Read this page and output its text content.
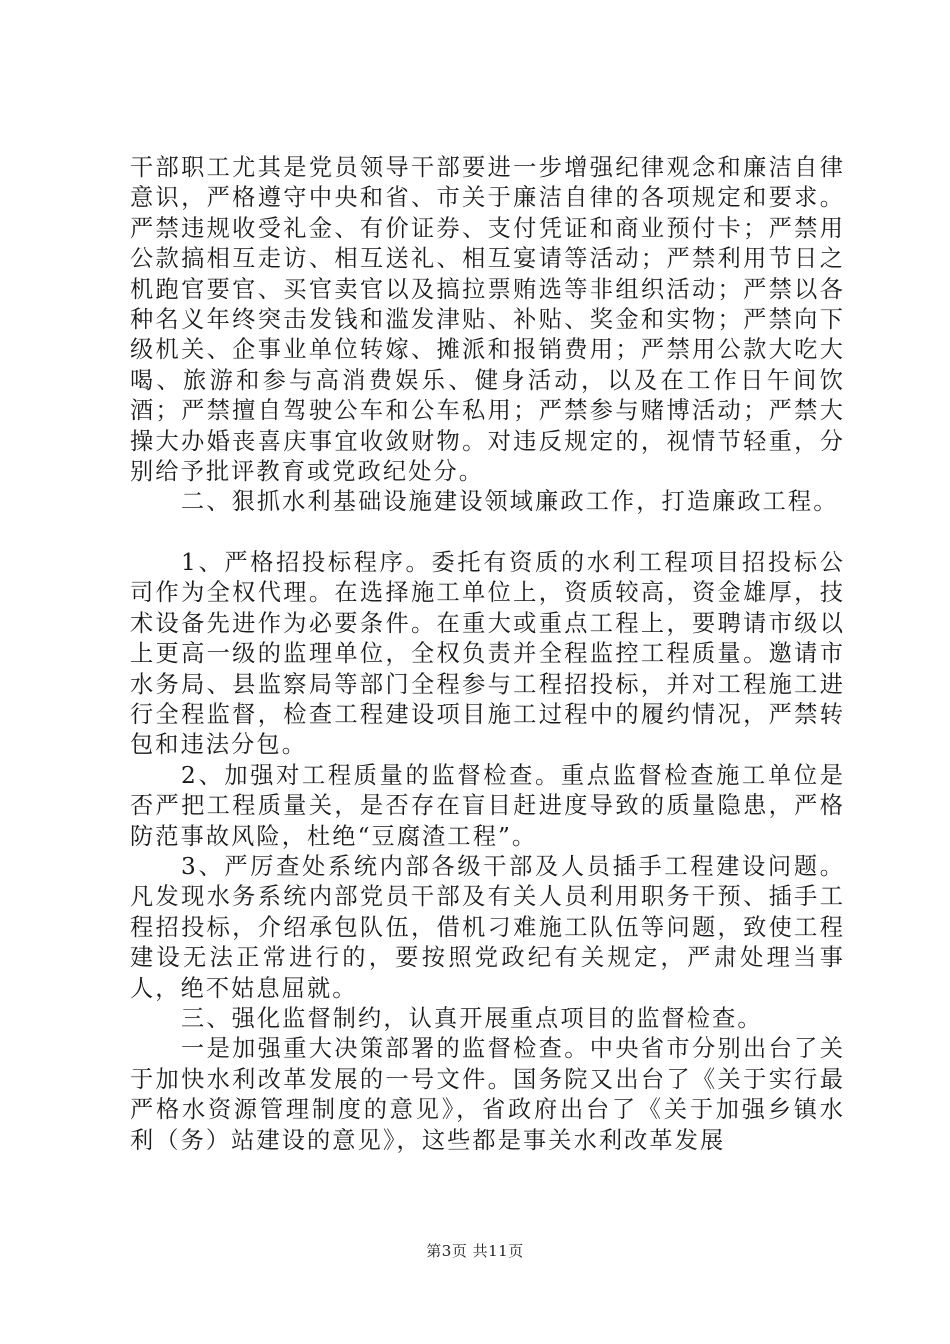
干部职工尤其是党员领导干部要进一步增强纪律观念和廉洁自律意识，严格遵守中央和省、市关于廉洁自律的各项规定和要求。严禁违规收受礼金、有价证券、支付凭证和商业预付卡；严禁用公款搞相互走访、相互送礼、相互宴请等活动；严禁利用节日之机跑官要官、买官卖官以及搞拉票贿选等非组织活动；严禁以各种名义年终突击发钱和滥发津贴、补贴、奖金和实物；严禁向下级机关、企事业单位转嫁、摊派和报销费用；严禁用公款大吃大喝、旅游和参与高消费娱乐、健身活动，以及在工作日午间饮酒；严禁擅自驾驶公车和公车私用；严禁参与赌博活动；严禁大操大办婚丧喜庆事宜收敛财物。对违反规定的，视情节轻重，分别给予批评教育或党政纪处分。

二、狠抓水利基础设施建设领域廉政工作，打造廉政工程。

1、严格招投标程序。委托有资质的水利工程项目招投标公司作为全权代理。在选择施工单位上，资质较高，资金雄厚，技术设备先进作为必要条件。在重大或重点工程上，要聘请市级以上更高一级的监理单位，全权负责并全程监控工程质量。邀请市水务局、县监察局等部门全程参与工程招投标，并对工程施工进行全程监督，检查工程建设项目施工过程中的履约情况，严禁转包和违法分包。

2、加强对工程质量的监督检查。重点监督检查施工单位是否严把工程质量关，是否存在盲目赶进度导致的质量隐患，严格防范事故风险，杜绝“豆腐渣工程”。

3、严厉查处系统内部各级干部及人员插手工程建设问题。凡发现水务系统内部党员干部及有关人员利用职务干预、插手工程招投标，介绍承包队伍，借机刁难施工队伍等问题，致使工程建设无法正常进行的，要按照党政纪有关规定，严肃处理当事人，绝不姑息屈就。

三、强化监督制约，认真开展重点项目的监督检查。

一是加强重大决策部署的监督检查。中央省市分别出台了关于加快水利改革发展的一号文件。国务院又出台了《关于实行最严格水资源管理制度的意见》，省政府出台了《关于加强乡镇水利（务）站建设的意见》，这些都是事关水利改革发展

第3页 共11页
